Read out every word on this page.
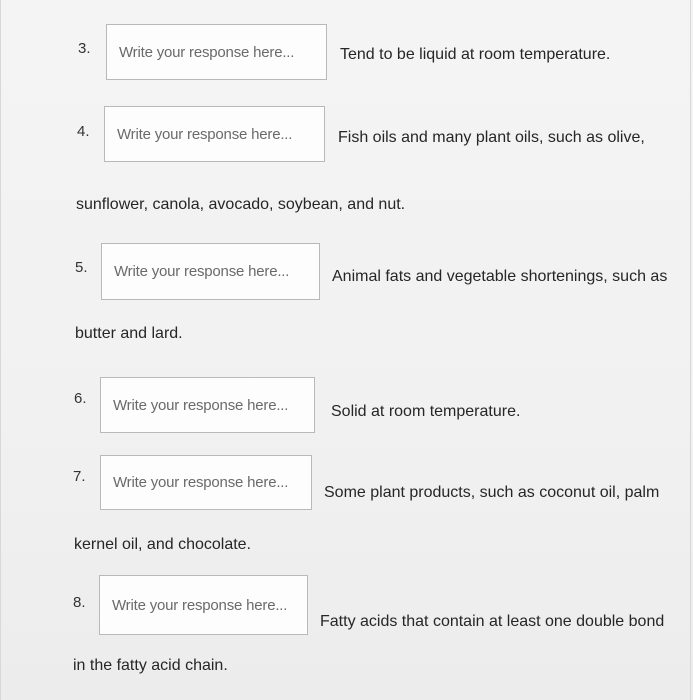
3.
Write your response here...	Tend to be liquid at room temperature.
4.
Write your response here...	Fish oils and many plant oils, such as olive,
sunflower, canola, avocado, soybean, and nut.
5.
Write your response here...
Animal fats and vegetable shortenings, such as
butter and lard.
6.
Write your response here...
Solid at room temperature.
7.
Write your response here...
Some plant products, such as coconut oil, palm
kernel oil, and chocolate.
8.
Write your response here...
Fatty acids that contain at least one double bond
in the fatty acid chain.
